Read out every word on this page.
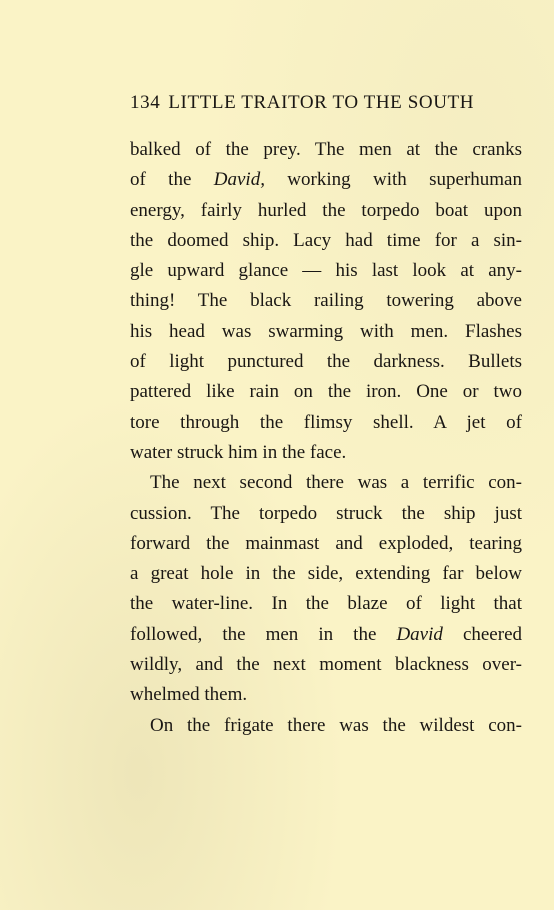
134 LITTLE TRAITOR TO THE SOUTH
balked of the prey. The men at the cranks
of the David, working with superhuman
energy, fairly hurled the torpedo boat upon
the doomed ship. Lacy had time for a sin-
gle upward glance — his last look at any-
thing! The black railing towering above
his head was swarming with men. Flashes
of light punctured the darkness. Bullets
pattered like rain on the iron. One or two
tore through the flimsy shell. A jet of
water struck him in the face.
The next second there was a terrific con-
cussion. The torpedo struck the ship just
forward the mainmast and exploded, tearing
a great hole in the side, extending far below
the water-line. In the blaze of light that
followed, the men in the David cheered
wildly, and the next moment blackness over-
whelmed them.
On the frigate there was the wildest con-
